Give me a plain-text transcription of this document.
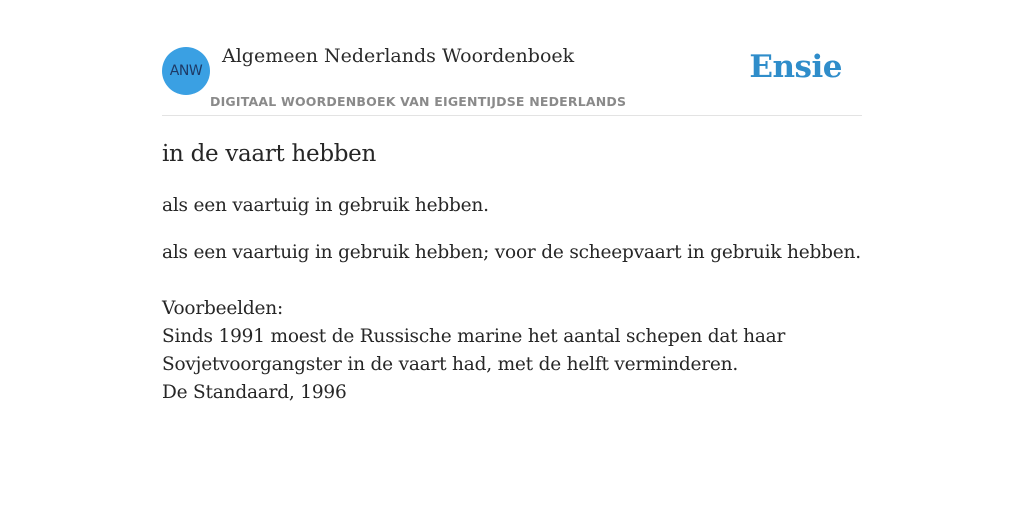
ANW
Algemeen Nederlands Woordenboek
DIGITAAL WOORDENBOEK VAN EIGENTIJDSE NEDERLANDS
Ensie
in de vaart hebben

als een vaartuig in gebruik hebben.

als een vaartuig in gebruik hebben; voor de scheepvaart in gebruik hebben.

Voorbeelden:
Sinds 1991 moest de Russische marine het aantal schepen dat haar
Sovjetvoorgangster in de vaart had, met de helft verminderen.
De Standaard, 1996
